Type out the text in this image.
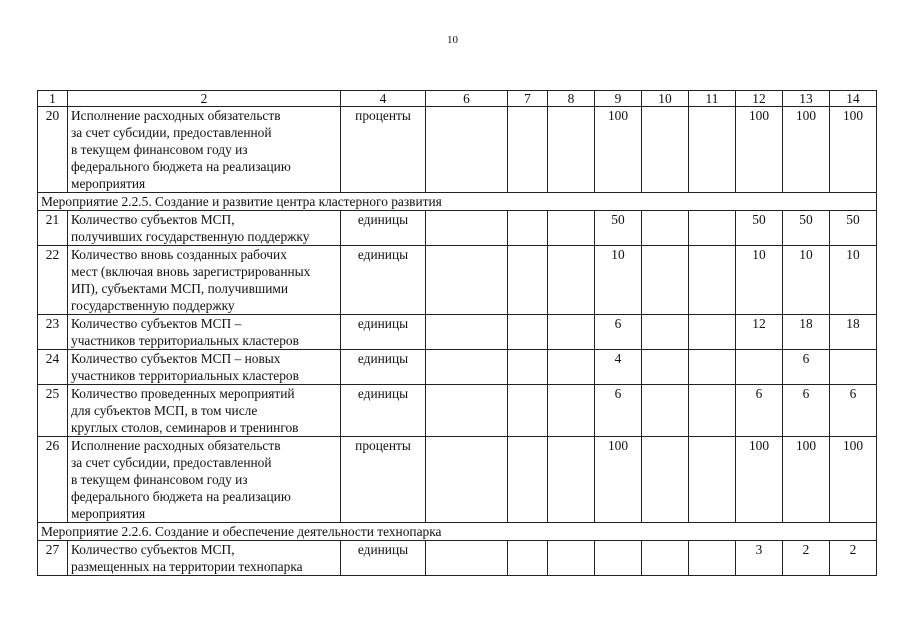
10
1	2	4	6	7	8	9	10	11	12	13	14
20	Исполнение расходных обязательств
за счет субсидии, предоставленной
в текущем финансовом году из
федерального бюджета на реализацию
мероприятия	проценты				100			100	100	100
Мероприятие 2.2.5. Создание и развитие центра кластерного развития											
21	Количество субъектов МСП,
получивших государственную поддержку	единицы				50			50	50	50
22	Количество вновь созданных рабочих
мест (включая вновь зарегистрированных
ИП), субъектами МСП, получившими
государственную поддержку	единицы				10			10	10	10
23	Количество субъектов МСП –
участников территориальных кластеров	единицы				6			12	18	18
24	Количество субъектов МСП – новых
участников территориальных кластеров	единицы				4				6	
25	Количество проведенных мероприятий
для субъектов МСП, в том числе
круглых столов, семинаров и тренингов	единицы				6			6	6	6
26	Исполнение расходных обязательств
за счет субсидии, предоставленной
в текущем финансовом году из
федерального бюджета на реализацию
мероприятия	проценты				100			100	100	100
Мероприятие 2.2.6. Создание и обеспечение деятельности технопарка											
27	Количество субъектов МСП,
размещенных на территории технопарка	единицы							3	2	2
